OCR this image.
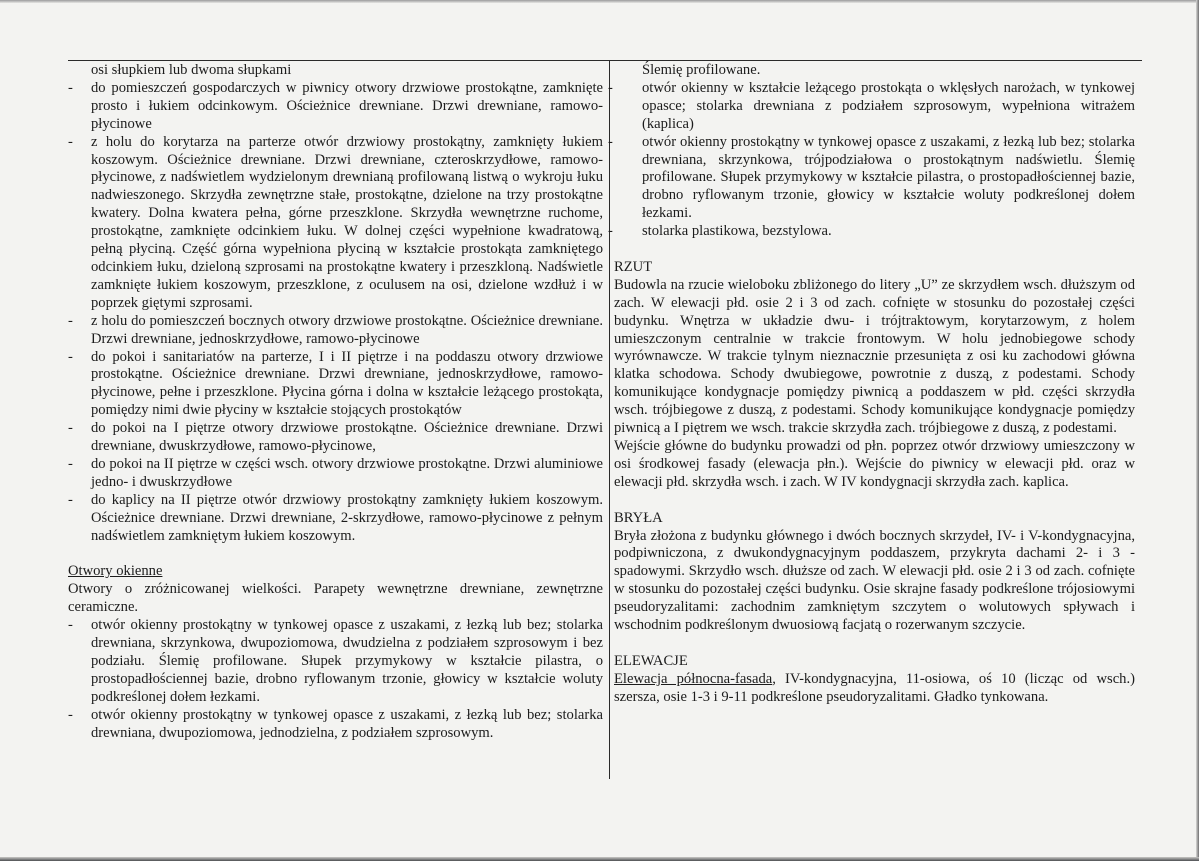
osi słupkiem lub dwoma słupkami

- do pomieszczeń gospodarczych w piwnicy otwory drzwiowe prostokątne, zamknięte prosto i łukiem odcinkowym. Ościeżnice drewniane. Drzwi drewniane, ramowo-płycinowe
- z holu do korytarza na parterze otwór drzwiowy prostokątny, zamknięty łukiem koszowym. Ościeżnice drewniane. Drzwi drewniane, czteroskrzydłowe, ramowo-płycinowe, z nadświetlem wydzielonym drewnianą profilowaną listwą o wykroju łuku nadwieszonego. Skrzydła zewnętrzne stałe, prostokątne, dzielone na trzy prostokątne kwatery. Dolna kwatera pełna, górne przeszklone. Skrzydła wewnętrzne ruchome, prostokątne, zamknięte odcinkiem łuku. W dolnej części wypełnione kwadratową, pełną płyciną. Część górna wypełniona płyciną w kształcie prostokąta zamkniętego odcinkiem łuku, dzieloną szprosami na prostokątne kwatery i przeszkloną. Nadświetle zamknięte łukiem koszowym, przeszklone, z oculusem na osi, dzielone wzdłuż i w poprzek giętymi szprosami.
- z holu do pomieszczeń bocznych otwory drzwiowe prostokątne. Ościeżnice drewniane. Drzwi drewniane, jednoskrzydłowe, ramowo-płycinowe
- do pokoi i sanitariatów na parterze, I i II piętrze i na poddaszu otwory drzwiowe prostokątne. Ościeżnice drewniane. Drzwi drewniane, jednoskrzydłowe, ramowo-płycinowe, pełne i przeszklone. Płycina górna i dolna w kształcie leżącego prostokąta, pomiędzy nimi dwie płyciny w kształcie stojących prostokątów
- do pokoi na I piętrze otwory drzwiowe prostokątne. Ościeżnice drewniane. Drzwi drewniane, dwuskrzydłowe, ramowo-płycinowe,
- do pokoi na II piętrze w części wsch. otwory drzwiowe prostokątne. Drzwi aluminiowe jedno- i dwuskrzydłowe
- do kaplicy na II piętrze otwór drzwiowy prostokątny zamknięty łukiem koszowym. Ościeżnice drewniane. Drzwi drewniane, 2-skrzydłowe, ramowo-płycinowe z pełnym nadświetlem zamkniętym łukiem koszowym.

Otwory okienne

Otwory o zróżnicowanej wielkości. Parapety wewnętrzne drewniane, zewnętrzne ceramiczne.

- otwór okienny prostokątny w tynkowej opasce z uszakami, z łezką lub bez; stolarka drewniana, skrzynkowa, dwupoziomowa, dwudzielna z podziałem szprosowym i bez podziału. Ślemię profilowane. Słupek przymykowy w kształcie pilastra, o prostopadłościennej bazie, drobno ryflowanym trzonie, głowicy w kształcie woluty podkreślonej dołem łezkami.
- otwór okienny prostokątny w tynkowej opasce z uszakami, z łezką lub bez; stolarka drewniana, dwupoziomowa, jednodzielna, z podziałem szprosowym.

Ślemię profilowane.

- otwór okienny w kształcie leżącego prostokąta o wklęsłych narożach, w tynkowej opasce; stolarka drewniana z podziałem szprosowym, wypełniona witrażem (kaplica)
- otwór okienny prostokątny w tynkowej opasce z uszakami, z łezką lub bez; stolarka drewniana, skrzynkowa, trójpodziałowa o prostokątnym nadświetlu. Ślemię profilowane. Słupek przymykowy w kształcie pilastra, o prostopadłościennej bazie, drobno ryflowanym trzonie, głowicy w kształcie woluty podkreślonej dołem łezkami.
- stolarka plastikowa, bezstylowa.

RZUT

Budowla na rzucie wieloboku zbliżonego do litery „U” ze skrzydłem wsch. dłuższym od zach. W elewacji płd. osie 2 i 3 od zach. cofnięte w stosunku do pozostałej części budynku. Wnętrza w układzie dwu- i trójtraktowym, korytarzowym, z holem umieszczonym centralnie w trakcie frontowym. W holu jednobiegowe schody wyrównawcze. W trakcie tylnym nieznacznie przesunięta z osi ku zachodowi główna klatka schodowa. Schody dwubiegowe, powrotnie z duszą, z podestami. Schody komunikujące kondygnacje pomiędzy piwnicą a poddaszem w płd. części skrzydła wsch. trójbiegowe z duszą, z podestami. Schody komunikujące kondygnacje pomiędzy piwnicą a I piętrem we wsch. trakcie skrzydła zach. trójbiegowe z duszą, z podestami.

Wejście główne do budynku prowadzi od płn. poprzez otwór drzwiowy umieszczony w osi środkowej fasady (elewacja płn.). Wejście do piwnicy w elewacji płd. oraz w elewacji płd. skrzydła wsch. i zach. W IV kondygnacji skrzydła zach. kaplica.

BRYŁA

Bryła złożona z budynku głównego i dwóch bocznych skrzydeł, IV- i V-kondygnacyjna, podpiwniczona, z dwukondygnacyjnym poddaszem, przykryta dachami 2- i 3 -spadowymi. Skrzydło wsch. dłuższe od zach. W elewacji płd. osie 2 i 3 od zach. cofnięte w stosunku do pozostałej części budynku. Osie skrajne fasady podkreślone trójosiowymi pseudoryzalitami: zachodnim zamkniętym szczytem o wolutowych spływach i wschodnim podkreślonym dwuosiową facjatą o rozerwanym szczycie.

ELEWACJE

Elewacja północna-fasada, IV-kondygnacyjna, 11-osiowa, oś 10 (licząc od wsch.) szersza, osie 1-3 i 9-11 podkreślone pseudoryzalitami. Gładko tynkowana.
